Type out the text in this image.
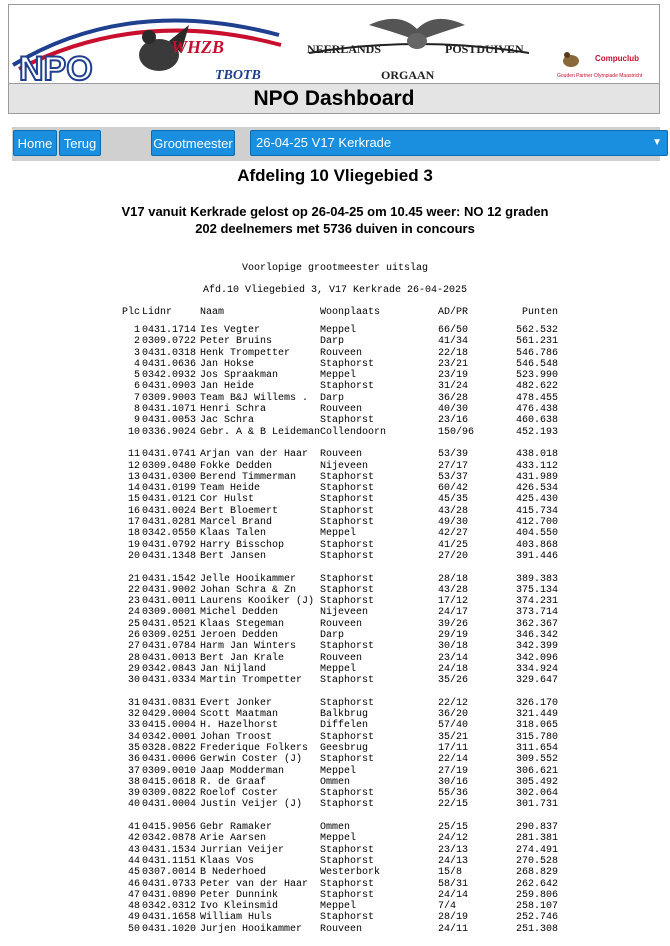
NPO
WHZB
TBOTB
NEERLANDS	POSTDUIVEN
ORGAAN
Compuclub
Gouden Partner Olympiade Maastricht
NPO Dashboard
Home Terug	Grootmeester	26-04-25 V17 Kerkrade	▼
Afdeling 10 Vliegebied 3
V17 vanuit Kerkrade gelost op 26-04-25 om 10.45 weer: NO 12 graden
202 deelnemers met 5736 duiven in concours
Voorlopige grootmeester uitslag
Afd.10 Vliegebied 3, V17 Kerkrade 26-04-2025
Plc	Lidnr	Naam	Woonplaats	AD/PR	Punten
1	0431.1714	Ies Vegter	Meppel	66/50	562.532
2	0309.0722	Peter Bruins	Darp	41/34	561.231
3	0431.0318	Henk Trompetter	Rouveen	22/18	546.786
4	0431.0636	Jan Hokse	Staphorst	23/21	546.548
5	0342.0932	Jos Spraakman	Meppel	23/19	523.990
6	0431.0903	Jan Heide	Staphorst	31/24	482.622
7	0309.9003	Team B&J Willems .	Darp	36/28	478.455
8	0431.1071	Henri Schra	Rouveen	40/30	476.438
9	0431.0053	Jac Schra	Staphorst	23/16	460.638
10	0336.9024	Gebr. A & B Leideman	Collendoorn	150/96	452.193

11	0431.0741	Arjan van der Haar	Rouveen	53/39	438.018
12	0309.0480	Fokke Dedden	Nijeveen	27/17	433.112
13	0431.0300	Berend Timmerman	Staphorst	53/37	431.989
14	0431.0199	Team Heide	Staphorst	60/42	426.534
15	0431.0121	Cor Hulst	Staphorst	45/35	425.430
16	0431.0024	Bert Bloemert	Staphorst	43/28	415.734
17	0431.0281	Marcel Brand	Staphorst	49/30	412.700
18	0342.0550	Klaas Talen	Meppel	42/27	404.550
19	0431.0792	Harry Bisschop	Staphorst	41/25	403.868
20	0431.1348	Bert Jansen	Staphorst	27/20	391.446

21	0431.1542	Jelle Hooikammer	Staphorst	28/18	389.383
22	0431.9002	Johan Schra & Zn	Staphorst	43/28	375.134
23	0431.0011	Laurens Kooiker (J)	Staphorst	17/12	374.231
24	0309.0001	Michel Dedden	Nijeveen	24/17	373.714
25	0431.0521	Klaas Stegeman	Rouveen	39/26	362.367
26	0309.0251	Jeroen Dedden	Darp	29/19	346.342
27	0431.0784	Harm Jan Winters	Staphorst	30/18	342.399
28	0431.0013	Bert Jan Krale	Rouveen	23/14	342.096
29	0342.0843	Jan Nijland	Meppel	24/18	334.924
30	0431.0334	Martin Trompetter	Staphorst	35/26	329.647

31	0431.0831	Evert Jonker	Staphorst	22/12	326.170
32	0429.0004	Scott Maatman	Balkbrug	36/20	321.449
33	0415.0004	H. Hazelhorst	Diffelen	57/40	318.065
34	0342.0001	Johan Troost	Staphorst	35/21	315.780
35	0328.0822	Frederique Folkers	Geesbrug	17/11	311.654
36	0431.0006	Gerwin Coster (J)	Staphorst	22/14	309.552
37	0309.0010	Jaap Modderman	Meppel	27/19	306.621
38	0415.0618	R. de Graaf	Ommen	30/16	305.492
39	0309.0822	Roelof Coster	Staphorst	55/36	302.064
40	0431.0004	Justin Veijer (J)	Staphorst	22/15	301.731

41	0415.9056	Gebr Ramaker	Ommen	25/15	290.837
42	0342.0878	Arie Aarsen	Meppel	24/12	281.381
43	0431.1534	Jurrian Veijer	Staphorst	23/13	274.491
44	0431.1151	Klaas Vos	Staphorst	24/13	270.528
45	0307.0014	B Nederhoed	Westerbork	15/8	268.829
46	0431.0733	Peter van der Haar	Staphorst	58/31	262.642
47	0431.0890	Peter Dunnink	Staphorst	24/14	259.806
48	0342.0312	Ivo Kleinsmid	Meppel	7/4	258.107
49	0431.1658	William Huls	Staphorst	28/19	252.746
50	0431.1020	Jurjen Hooikammer	Rouveen	24/11	251.308
